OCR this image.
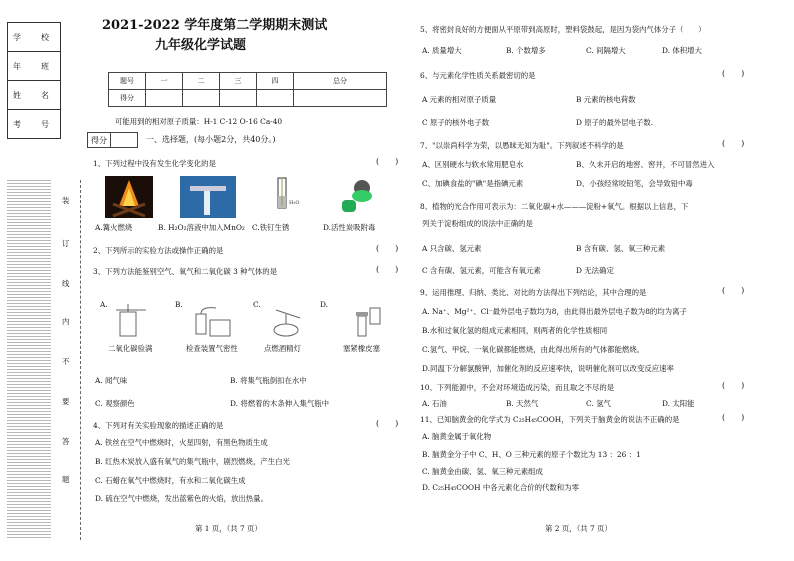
学　校
年　班
姓　名
考　号
装
订
线
内
不
要
答
题
2021-2022 学年度第二学期期末测试
九年级化学试题
题号	一	二	三	四	总分
得分					
可能用到的相对原子质量：H-1 C-12 O-16 Ca-40
得分		一、选择题，(每小题2分，共40分。)
1、下列过程中没有发生化学变化的是	(　　)
H₂O
A.篝火燃烧	B. H₂O₂溶液中加入MnO₂ C.铁钉生锈	D.活性炭吸附毒
2、下列所示的实验方法或操作正确的是	(　　)
3、下列方法能鉴别空气、氧气和二氧化碳 3 种气体的是	(　　)
A.	B.	C.	D.
二氧化碳验满	检查装置气密性	点燃酒精灯	塞紧橡皮塞
A. 闻气味	B. 将集气瓶倒扣在水中
C. 观察颜色	D. 将燃着的木条伸入集气瓶中
4、下列对有关实验现象的描述正确的是	(　　)
A. 铁丝在空气中燃烧时，火星四射，有黑色物质生成
B. 红热木炭放入盛有氧气的集气瓶中，剧烈燃烧，产生白光
C. 石蜡在氧气中燃烧时，有水和二氧化碳生成
D. 硫在空气中燃烧，发出蓝紫色的火焰，放出热量。
第 1 页，（共 7 页）
5、将密封良好的方便面从平原带到高原时，塑料袋鼓起，是因为袋内气体分子（　　）
A. 质量增大	B. 个数增多	C. 间隔增大	D. 体积增大
6、与元素化学性质关系最密切的是	(　　)
A 元素的相对原子质量	B 元素的核电荷数
C 原子的核外电子数	D 原子的最外层电子数.
7、"以崇尚科学为荣，以愚昧无知为耻"。下列叙述不科学的是	(　　)
A、区别硬水与软水常用肥皂水	B、久未开启的地窖、窖井，不可冒然进入
C、加碘食盐的"碘"是指碘元素	D、小孩经常咬铅笔，会导致铅中毒
8、植物的光合作用可表示为：二氧化碳+水———淀粉+氧气。根据以上信息，下
列关于淀粉组成的说法中正确的是
A 只含碳、氢元素	B 含有碳、氢、氧三种元素
C 含有碳、氢元素，可能含有氧元素	D 无法确定
9、运用推理、归纳、类比、对比的方法得出下列结论，其中合理的是	(　　)
A. Na⁺、Mg²⁺、Cl⁻最外层电子数均为8，由此得出最外层电子数为8的均为离子
B.水和过氧化氢的组成元素相同，则两者的化学性质相同
C.氢气、甲烷、一氧化碳都能燃烧，由此得出所有的气体都能燃烧。
D.同温下分解氯酸钾，加催化剂的反应速率快，说明催化剂可以改变反应速率
10、下列能源中，不会对环境造成污染，而且取之不尽的是	(　　)
A. 石油	B. 天然气	C. 氢气	D. 太阳能
11、已知脑黄金的化学式为 C₂₅H₄₅COOH，下列关于脑黄金的说法不正确的是	(　　)
A. 脑黄金属于氧化物
B. 脑黄金分子中 C、H、O 三种元素的原子个数比为 13 ：26 ：1
C. 脑黄金由碳、氢、氧三种元素组成
D. C₂₅H₄₅COOH 中各元素化合价的代数和为零
第 2 页，（共 7 页）
